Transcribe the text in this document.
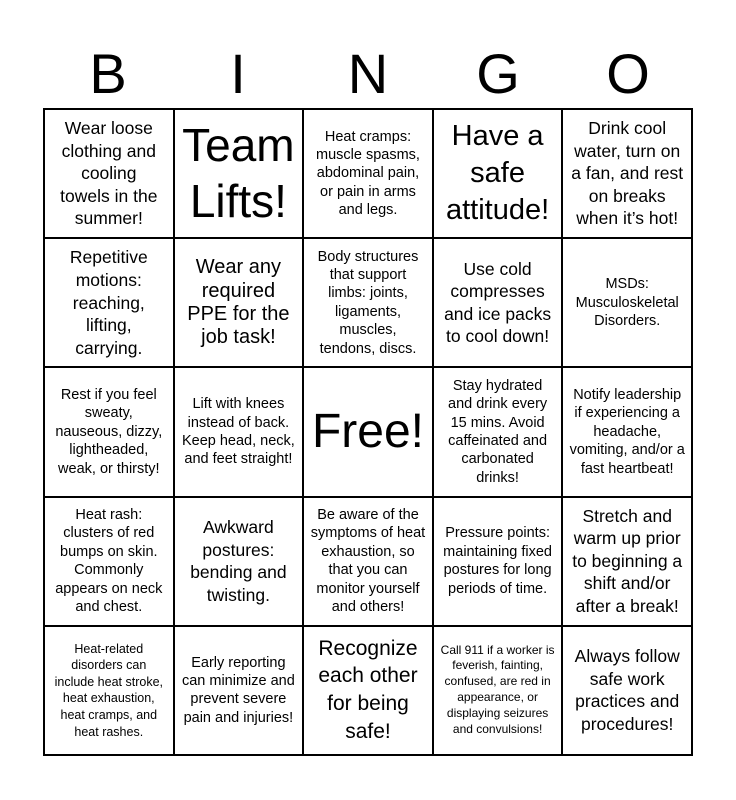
B	I	N	G	O
Wear loose clothing and cooling towels in the summer!
Team Lifts!
Heat cramps: muscle spasms, abdominal pain, or pain in arms and legs.
Have a safe attitude!
Drink cool water, turn on a fan, and rest on breaks when it’s hot!
Repetitive motions: reaching, lifting, carrying.
Wear any required PPE for the job task!
Body structures that support limbs: joints, ligaments, muscles, tendons, discs.
Use cold compresses and ice packs to cool down!
MSDs: Musculoskeletal Disorders.
Rest if you feel sweaty, nauseous, dizzy, lightheaded, weak, or thirsty!
Lift with knees instead of back. Keep head, neck, and feet straight!
Free!
Stay hydrated and drink every 15 mins. Avoid caffeinated and carbonated drinks!
Notify leadership if experiencing a headache, vomiting, and/or a fast heartbeat!
Heat rash: clusters of red bumps on skin. Commonly appears on neck and chest.
Awkward postures: bending and twisting.
Be aware of the symptoms of heat exhaustion, so that you can monitor yourself and others!
Pressure points: maintaining fixed postures for long periods of time.
Stretch and warm up prior to beginning a shift and/or after a break!
Heat-related disorders can include heat stroke, heat exhaustion, heat cramps, and heat rashes.
Early reporting can minimize and prevent severe pain and injuries!
Recognize each other for being safe!
Call 911 if a worker is feverish, fainting, confused, are red in appearance, or displaying seizures and convulsions!
Always follow safe work practices and procedures!
